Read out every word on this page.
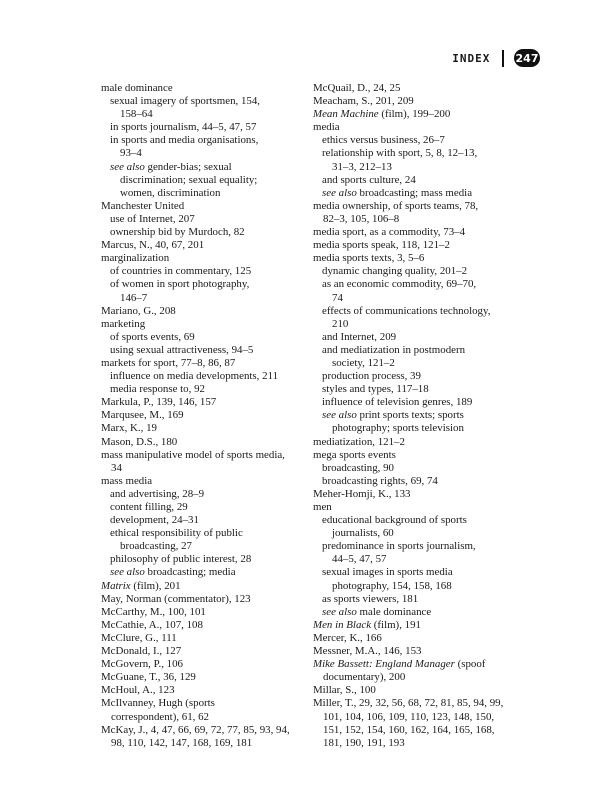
INDEX 247
male dominance
sexual imagery of sportsmen, 154,
158–64
in sports journalism, 44–5, 47, 57
in sports and media organisations,
93–4
see also gender-bias; sexual
discrimination; sexual equality;
women, discrimination
Manchester United
use of Internet, 207
ownership bid by Murdoch, 82
Marcus, N., 40, 67, 201
marginalization
of countries in commentary, 125
of women in sport photography,
146–7
Mariano, G., 208
marketing
of sports events, 69
using sexual attractiveness, 94–5
markets for sport, 77–8, 86, 87
influence on media developments, 211
media response to, 92
Markula, P., 139, 146, 157
Marqusee, M., 169
Marx, K., 19
Mason, D.S., 180
mass manipulative model of sports media,
34
mass media
and advertising, 28–9
content filling, 29
development, 24–31
ethical responsibility of public
broadcasting, 27
philosophy of public interest, 28
see also broadcasting; media
Matrix (film), 201
May, Norman (commentator), 123
McCarthy, M., 100, 101
McCathie, A., 107, 108
McClure, G., 111
McDonald, I., 127
McGovern, P., 106
McGuane, T., 36, 129
McHoul, A., 123
McIlvanney, Hugh (sports
correspondent), 61, 62
McKay, J., 4, 47, 66, 69, 72, 77, 85, 93, 94,
98, 110, 142, 147, 168, 169, 181
McQuail, D., 24, 25
Meacham, S., 201, 209
Mean Machine (film), 199–200
media
ethics versus business, 26–7
relationship with sport, 5, 8, 12–13,
31–3, 212–13
and sports culture, 24
see also broadcasting; mass media
media ownership, of sports teams, 78,
82–3, 105, 106–8
media sport, as a commodity, 73–4
media sports speak, 118, 121–2
media sports texts, 3, 5–6
dynamic changing quality, 201–2
as an economic commodity, 69–70,
74
effects of communications technology,
210
and Internet, 209
and mediatization in postmodern
society, 121–2
production process, 39
styles and types, 117–18
influence of television genres, 189
see also print sports texts; sports
photography; sports television
mediatization, 121–2
mega sports events
broadcasting, 90
broadcasting rights, 69, 74
Meher-Homji, K., 133
men
educational background of sports
journalists, 60
predominance in sports journalism,
44–5, 47, 57
sexual images in sports media
photography, 154, 158, 168
as sports viewers, 181
see also male dominance
Men in Black (film), 191
Mercer, K., 166
Messner, M.A., 146, 153
Mike Bassett: England Manager (spoof
documentary), 200
Millar, S., 100
Miller, T., 29, 32, 56, 68, 72, 81, 85, 94, 99,
101, 104, 106, 109, 110, 123, 148, 150,
151, 152, 154, 160, 162, 164, 165, 168,
181, 190, 191, 193
